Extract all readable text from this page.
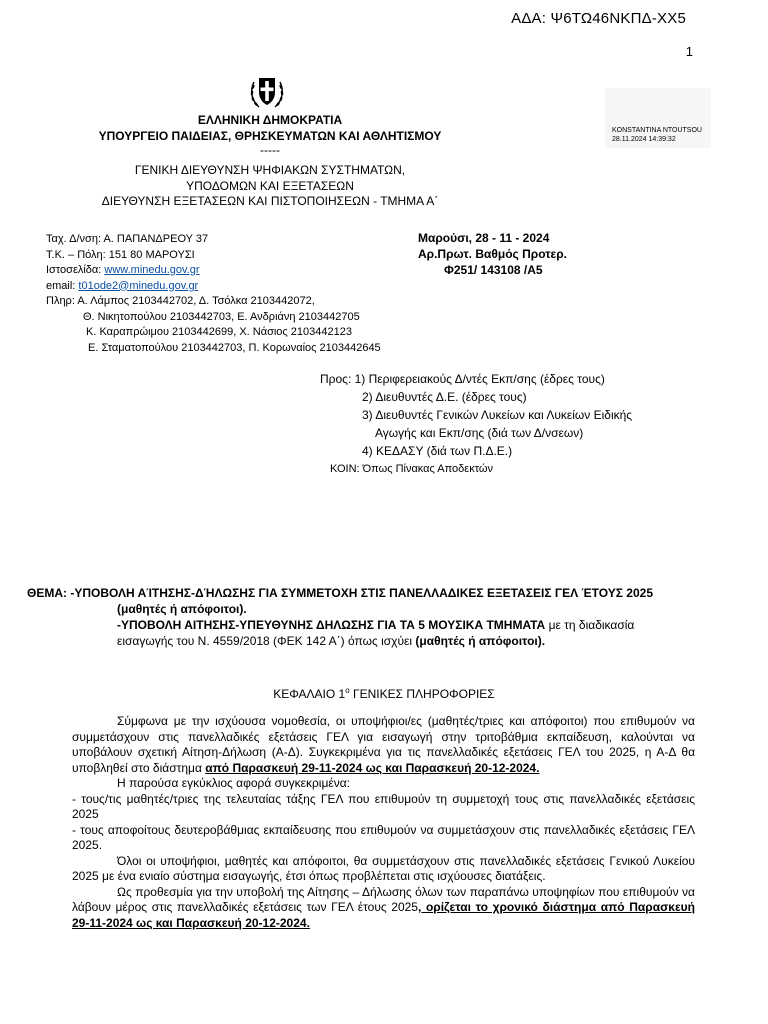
ΑΔΑ: Ψ6ΤΩ46ΝΚΠΔ-ΧΧ5
1
KONSTANTINA NTOUTSOU
28.11.2024 14:39:32
ΕΛΛΗΝΙΚΗ ΔΗΜΟΚΡΑΤΙΑ
ΥΠΟΥΡΓΕΙΟ ΠΑΙΔΕΙΑΣ, ΘΡΗΣΚΕΥΜΑΤΩΝ ΚΑΙ ΑΘΛΗΤΙΣΜΟΥ
-----
ΓΕΝΙΚΗ ΔΙΕΥΘΥΝΣΗ ΨΗΦΙΑΚΩΝ ΣΥΣΤΗΜΑΤΩΝ,
ΥΠΟΔΟΜΩΝ ΚΑΙ ΕΞΕΤΑΣΕΩΝ
ΔΙΕΥΘΥΝΣΗ ΕΞΕΤΑΣΕΩΝ ΚΑΙ ΠΙΣΤΟΠΟΙΗΣΕΩΝ - ΤΜΗΜΑ Α΄
Ταχ. Δ/νση: Α. ΠΑΠΑΝΔΡΕΟΥ 37
Τ.Κ. – Πόλη: 151 80 ΜΑΡΟΥΣΙ
Ιστοσελίδα: www.minedu.gov.gr
email: t01ode2@minedu.gov.gr
Πληρ: Α. Λάμπος 2103442702, Δ. Τσόλκα 2103442072,
Θ. Νικητοπούλου 2103442703, Ε. Ανδριάνη 2103442705
Κ. Καραπρώιμου 2103442699, Χ. Νάσιος 2103442123
Ε. Σταματοπούλου 2103442703, Π. Κορωναίος 2103442645
Μαρούσι, 28 - 11 - 2024
Αρ.Πρωτ. Βαθμός Προτερ.
Φ251/ 143108 /Α5
Προς: 1) Περιφερειακούς Δ/ντές Εκπ/σης (έδρες τους)
2) Διευθυντές Δ.Ε. (έδρες τους)
3) Διευθυντές Γενικών Λυκείων και Λυκείων Ειδικής
Αγωγής και Εκπ/σης (διά των Δ/νσεων)
4) ΚΕΔΑΣΥ (διά των Π.Δ.Ε.)
ΚΟΙΝ: Όπως Πίνακας Αποδεκτών
ΘΕΜΑ: -ΥΠΟΒΟΛΗ ΑΊΤΗΣΗΣ-ΔΉΛΩΣΗΣ ΓΙΑ ΣΥΜΜΕΤΟΧΗ ΣΤΙΣ ΠΑΝΕΛΛΑΔΙΚΕΣ ΕΞΕΤΑΣΕΙΣ ΓΕΛ ΈΤΟΥΣ 2025
(μαθητές ή απόφοιτοι).
-ΥΠΟΒΟΛΗ ΑΙΤΗΣΗΣ-ΥΠΕΥΘΥΝΗΣ ΔΗΛΩΣΗΣ ΓΙΑ ΤΑ 5 ΜΟΥΣΙΚΑ ΤΜΗΜΑΤΑ με τη διαδικασία
εισαγωγής του Ν. 4559/2018 (ΦΕΚ 142 Α΄) όπως ισχύει (μαθητές ή απόφοιτοι).
ΚΕΦΑΛΑΙΟ $1^o$ ΓΕΝΙΚΕΣ ΠΛΗΡΟΦΟΡΙΕΣ

Σύμφωνα με την ισχύουσα νομοθεσία, οι υποψήφιοι/ες (μαθητές/τριες και απόφοιτοι) που επιθυμούν να συμμετάσχουν στις πανελλαδικές εξετάσεις ΓΕΛ για εισαγωγή στην τριτοβάθμια εκπαίδευση, καλούνται να υποβάλουν σχετική Αίτηση-Δήλωση (Α-Δ). Συγκεκριμένα για τις πανελλαδικές εξετάσεις ΓΕΛ του 2025, η Α-Δ θα υποβληθεί στο διάστημα από Παρασκευή 29-11-2024 ως και Παρασκευή 20-12-2024.

Η παρούσα εγκύκλιος αφορά συγκεκριμένα:

- τους/τις μαθητές/τριες της τελευταίας τάξης ΓΕΛ που επιθυμούν τη συμμετοχή τους στις πανελλαδικές εξετάσεις 2025

- τους αποφοίτους δευτεροβάθμιας εκπαίδευσης που επιθυμούν να συμμετάσχουν στις πανελλαδικές εξετάσεις ΓΕΛ 2025.

Όλοι οι υποψήφιοι, μαθητές και απόφοιτοι, θα συμμετάσχουν στις πανελλαδικές εξετάσεις Γενικού Λυκείου 2025 με ένα ενιαίο σύστημα εισαγωγής, έτσι όπως προβλέπεται στις ισχύουσες διατάξεις.

Ως προθεσμία για την υποβολή της Αίτησης – Δήλωσης όλων των παραπάνω υποψηφίων που επιθυμούν να λάβουν μέρος στις πανελλαδικές εξετάσεις των ΓΕΛ έτους 2025, ορίζεται το χρονικό διάστημα από Παρασκευή 29-11-2024 ως και Παρασκευή 20-12-2024.
